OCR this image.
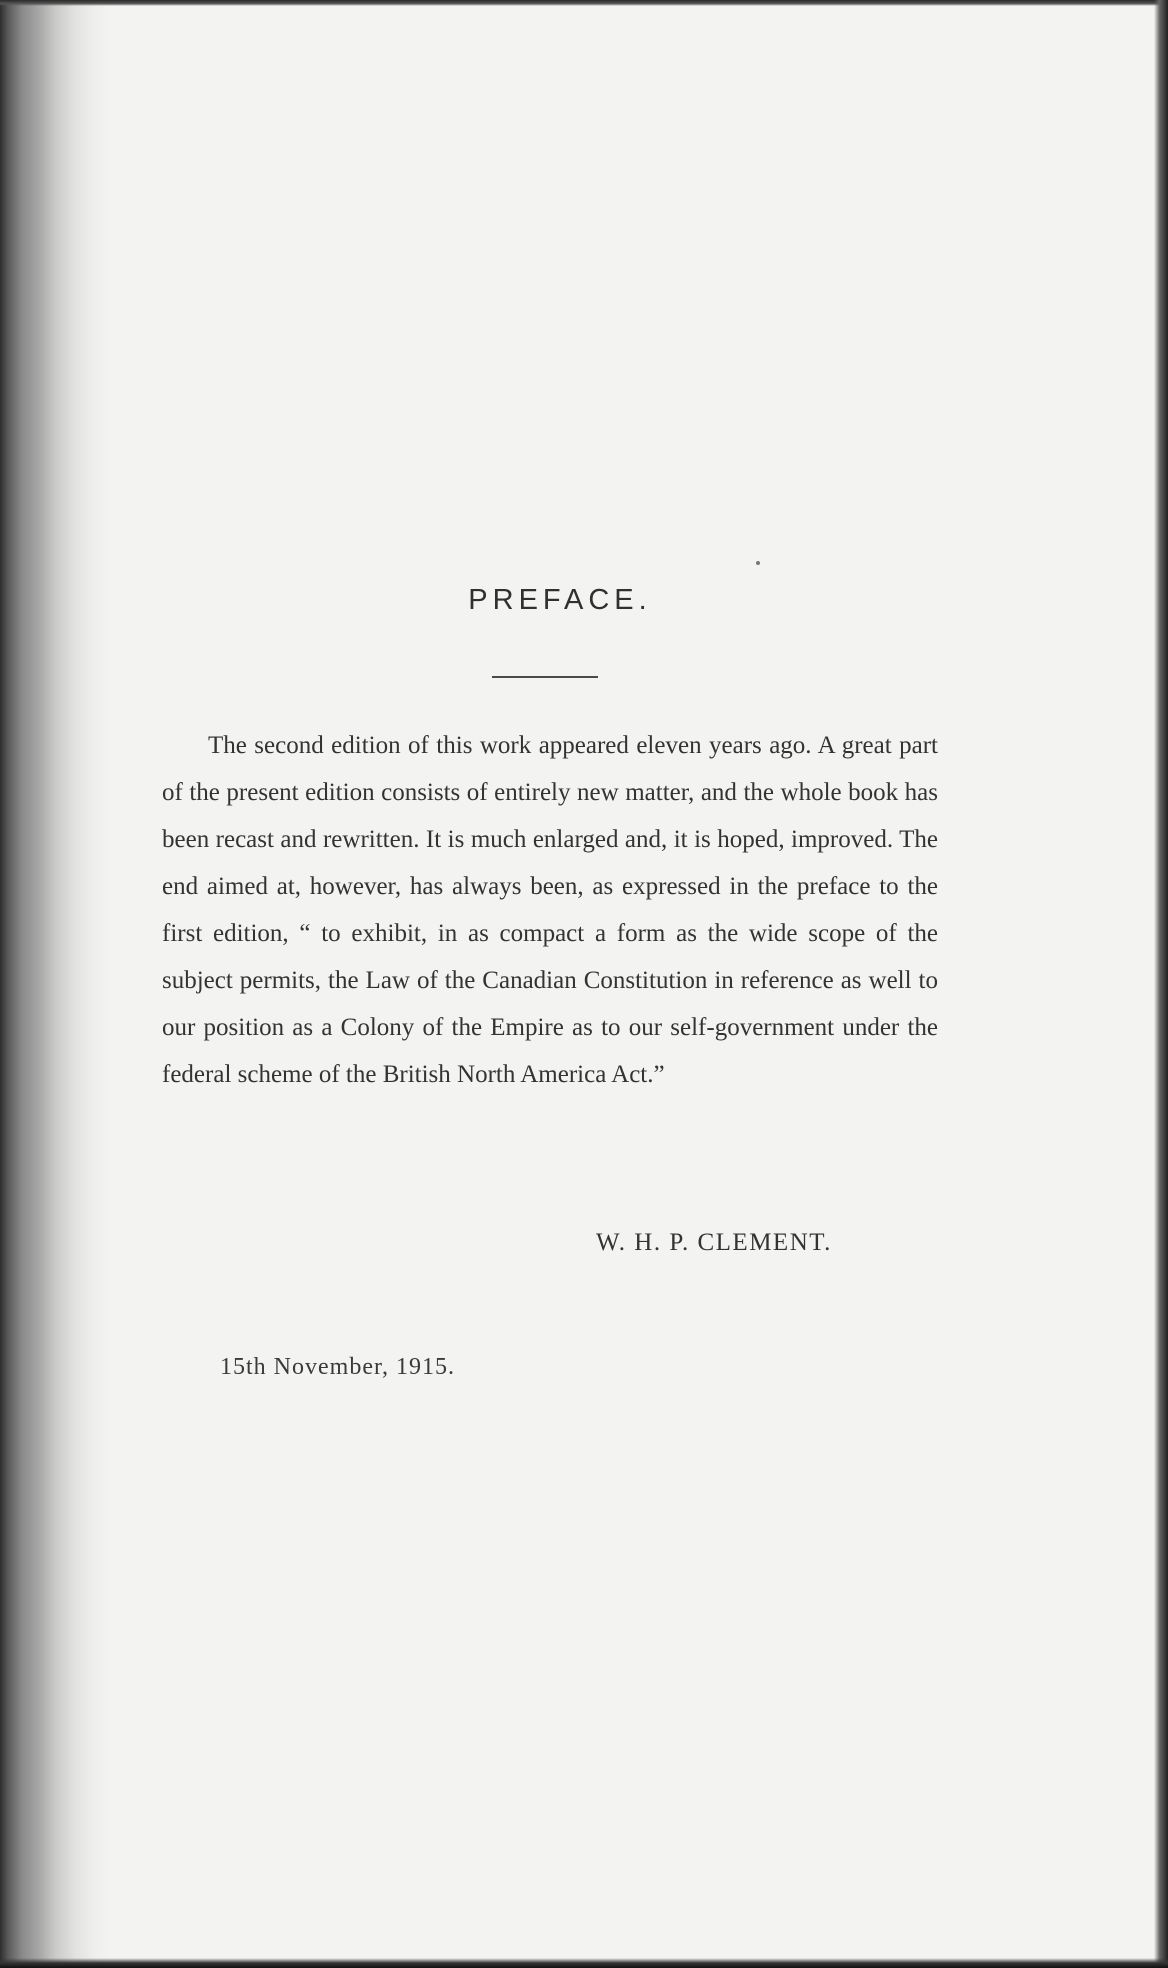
PREFACE.

The second edition of this work appeared eleven years ago. A great part of the present edition consists of entirely new matter, and the whole book has been recast and rewritten. It is much enlarged and, it is hoped, improved. The end aimed at, however, has always been, as expressed in the preface to the first edition, “ to exhibit, in as compact a form as the wide scope of the subject permits, the Law of the Canadian Constitution in reference as well to our position as a Colony of the Empire as to our self-government under the federal scheme of the British North America Act.”

W. H. P. CLEMENT.
15th November, 1915.
